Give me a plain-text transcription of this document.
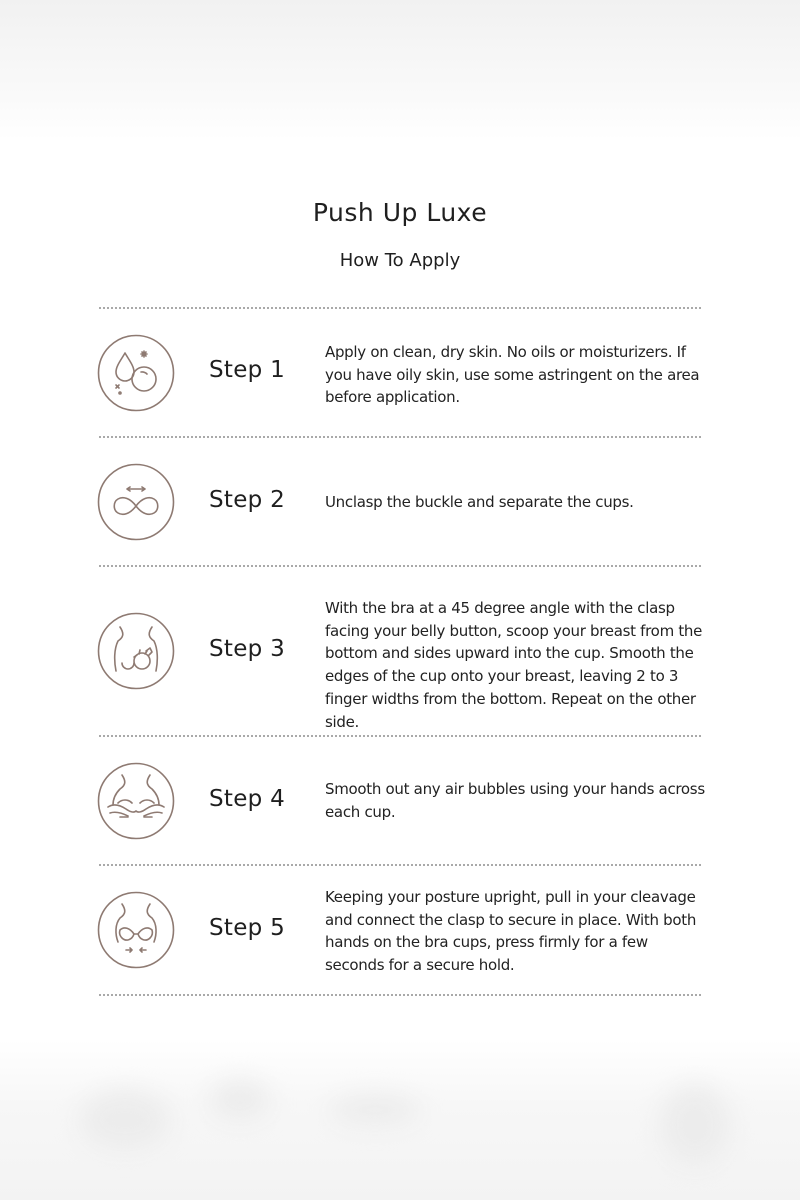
Push Up Luxe
How To Apply
Step 1
Apply on clean, dry skin. No oils or moisturizers. If you have oily skin, use some astringent on the area before application.
Step 2	Unclasp the buckle and separate the cups.
Step 3
With the bra at a 45 degree angle with the clasp facing your belly button, scoop your breast from the bottom and sides upward into the cup. Smooth the edges of the cup onto your breast, leaving 2 to 3 finger widths from the bottom. Repeat on the other side.
Step 4	Smooth out any air bubbles using your hands across each cup.
Step 5
Keeping your posture upright, pull in your cleavage and connect the clasp to secure in place. With both hands on the bra cups, press firmly for a few seconds for a secure hold.
